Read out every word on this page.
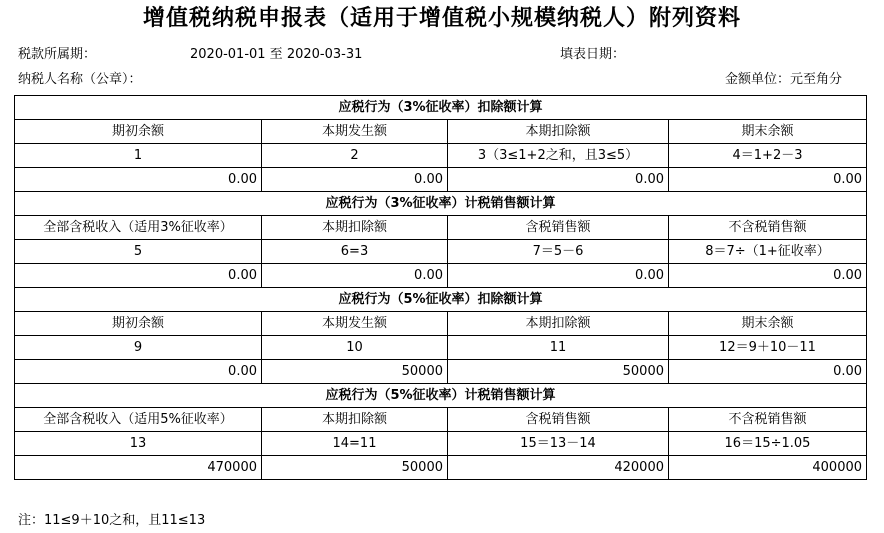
增值税纳税申报表（适用于增值税小规模纳税人）附列资料
税款所属期：	2020-01-01 至 2020-03-31	填表日期：
纳税人名称（公章）：	金额单位：元至角分
应税行为（3%征收率）扣除额计算			
期初余额	本期发生额	本期扣除额	期末余额
1	2	3（3≤1+2之和，且3≤5）	4＝1+2－3
0.00	0.00	0.00	0.00
应税行为（3%征收率）计税销售额计算			
全部含税收入（适用3%征收率）	本期扣除额	含税销售额	不含税销售额
5	6=3	7＝5－6	8＝7÷（1+征收率）
0.00	0.00	0.00	0.00
应税行为（5%征收率）扣除额计算			
期初余额	本期发生额	本期扣除额	期末余额
9	10	11	12＝9＋10－11
0.00	50000	50000	0.00
应税行为（5%征收率）计税销售额计算			
全部含税收入（适用5%征收率）	本期扣除额	含税销售额	不含税销售额
13	14=11	15＝13－14	16＝15÷1.05
470000	50000	420000	400000
注：11≤9＋10之和，且11≤13
